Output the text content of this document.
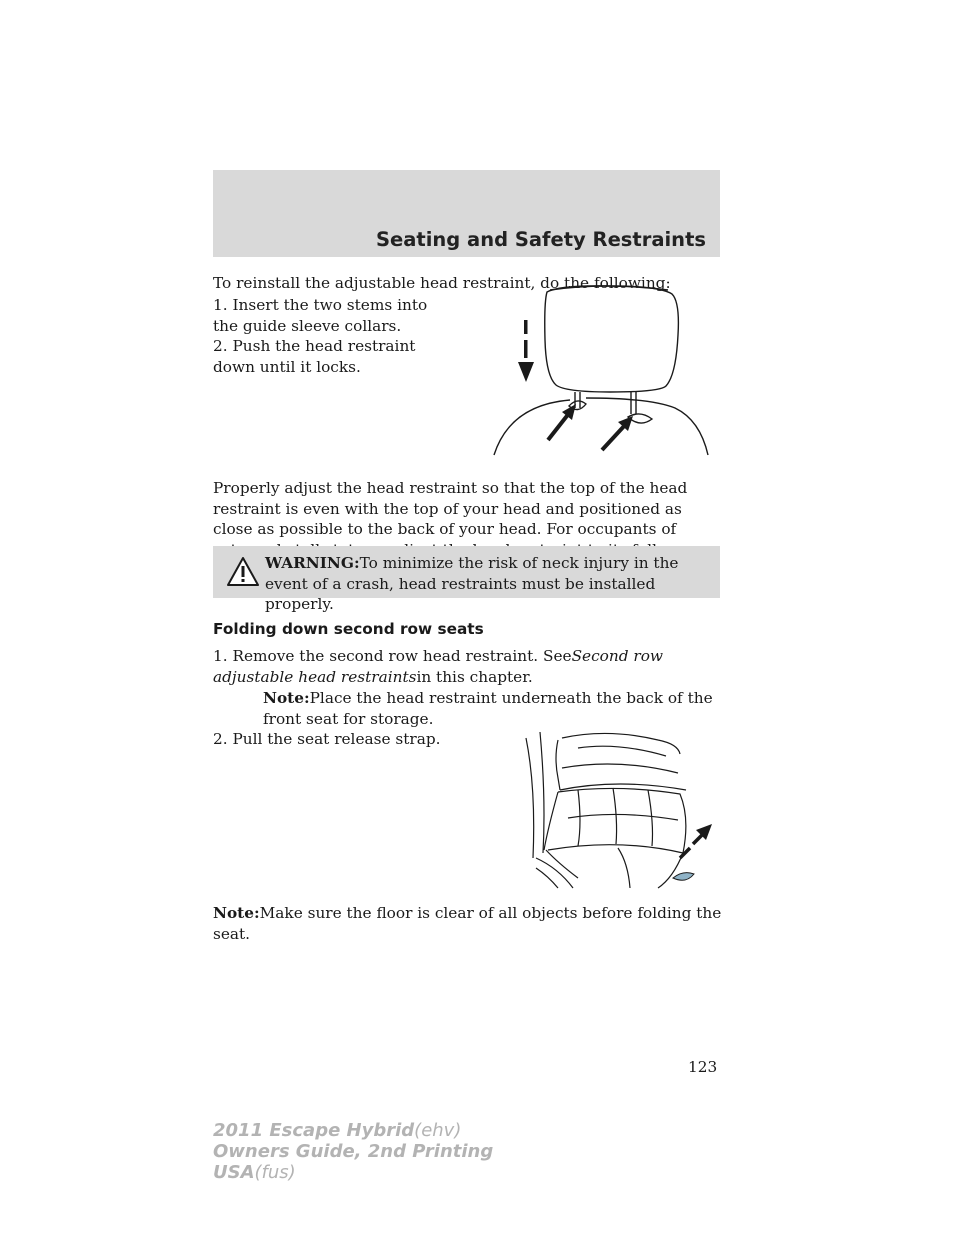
Seating and Safety Restraints

To reinstall the adjustable head restraint, do the following:

1. Insert the two stems into the guide sleeve collars.

2. Push the head restraint down until it locks.

Properly adjust the head restraint so that the top of the head restraint is even with the top of your head and positioned as close as possible to the back of your head. For occupants of

WARNING:To minimize the risk of neck injury in the event of a crash, head restraints must be installed properly.

Folding down second row seats

1. Remove the second row head restraint. SeeSecond row adjustable head restraintsin this chapter.

Note:Place the head restraint underneath the back of the front seat for storage.

2. Pull the seat release strap.

Note:Make sure the floor is clear of all objects before folding the seat.

123

2011 Escape Hybrid(ehv)
Owners Guide, 2nd Printing
USA(fus)
